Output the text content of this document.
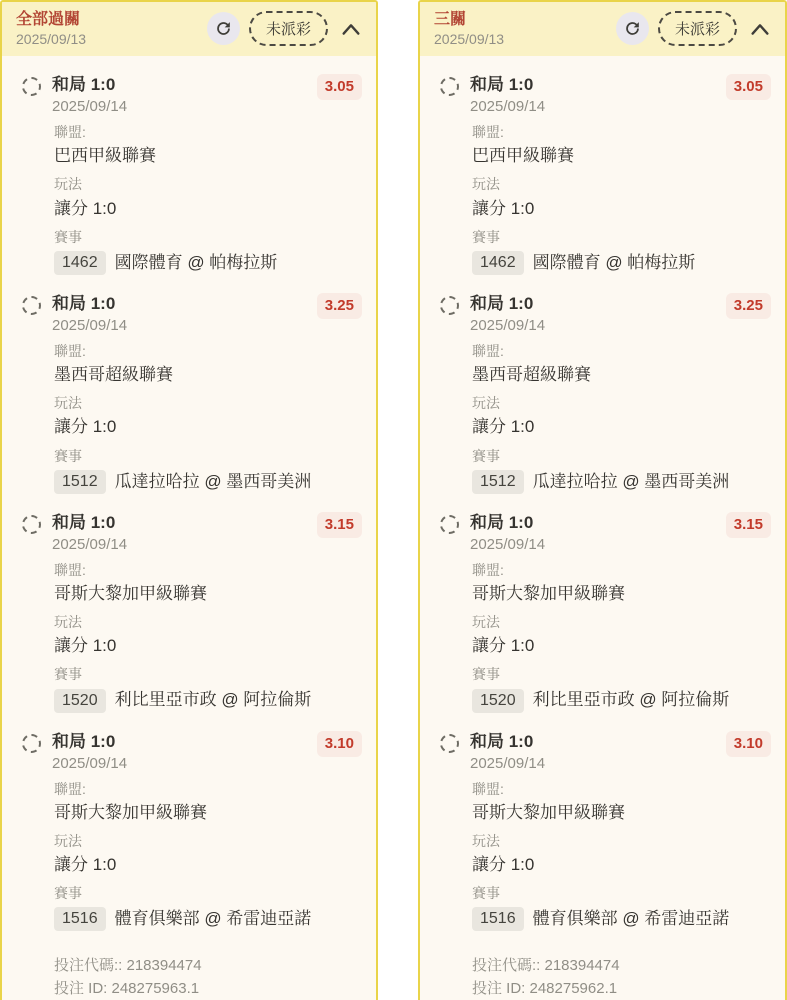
全部過關
2025/09/13
未派彩
和局 1:0
2025/09/14
3.05
聯盟:
巴西甲級聯賽
玩法
讓分 1:0
賽事
1462	國際體育 @ 帕梅拉斯
和局 1:0
2025/09/14
3.25
聯盟:
墨西哥超級聯賽
玩法
讓分 1:0
賽事
1512	瓜達拉哈拉 @ 墨西哥美洲
和局 1:0
2025/09/14
3.15
聯盟:
哥斯大黎加甲級聯賽
玩法
讓分 1:0
賽事
1520	利比里亞市政 @ 阿拉倫斯
和局 1:0
2025/09/14
3.10
聯盟:
哥斯大黎加甲級聯賽
玩法
讓分 1:0
賽事
1516	體育俱樂部 @ 希雷迪亞諾
投注代碼:: 218394474
投注 ID: 248275963.1
三關
2025/09/13
未派彩
和局 1:0
2025/09/14
3.05
聯盟:
巴西甲級聯賽
玩法
讓分 1:0
賽事
1462	國際體育 @ 帕梅拉斯
和局 1:0
2025/09/14
3.25
聯盟:
墨西哥超級聯賽
玩法
讓分 1:0
賽事
1512	瓜達拉哈拉 @ 墨西哥美洲
和局 1:0
2025/09/14
3.15
聯盟:
哥斯大黎加甲級聯賽
玩法
讓分 1:0
賽事
1520	利比里亞市政 @ 阿拉倫斯
和局 1:0
2025/09/14
3.10
聯盟:
哥斯大黎加甲級聯賽
玩法
讓分 1:0
賽事
1516	體育俱樂部 @ 希雷迪亞諾
投注代碼:: 218394474
投注 ID: 248275962.1
